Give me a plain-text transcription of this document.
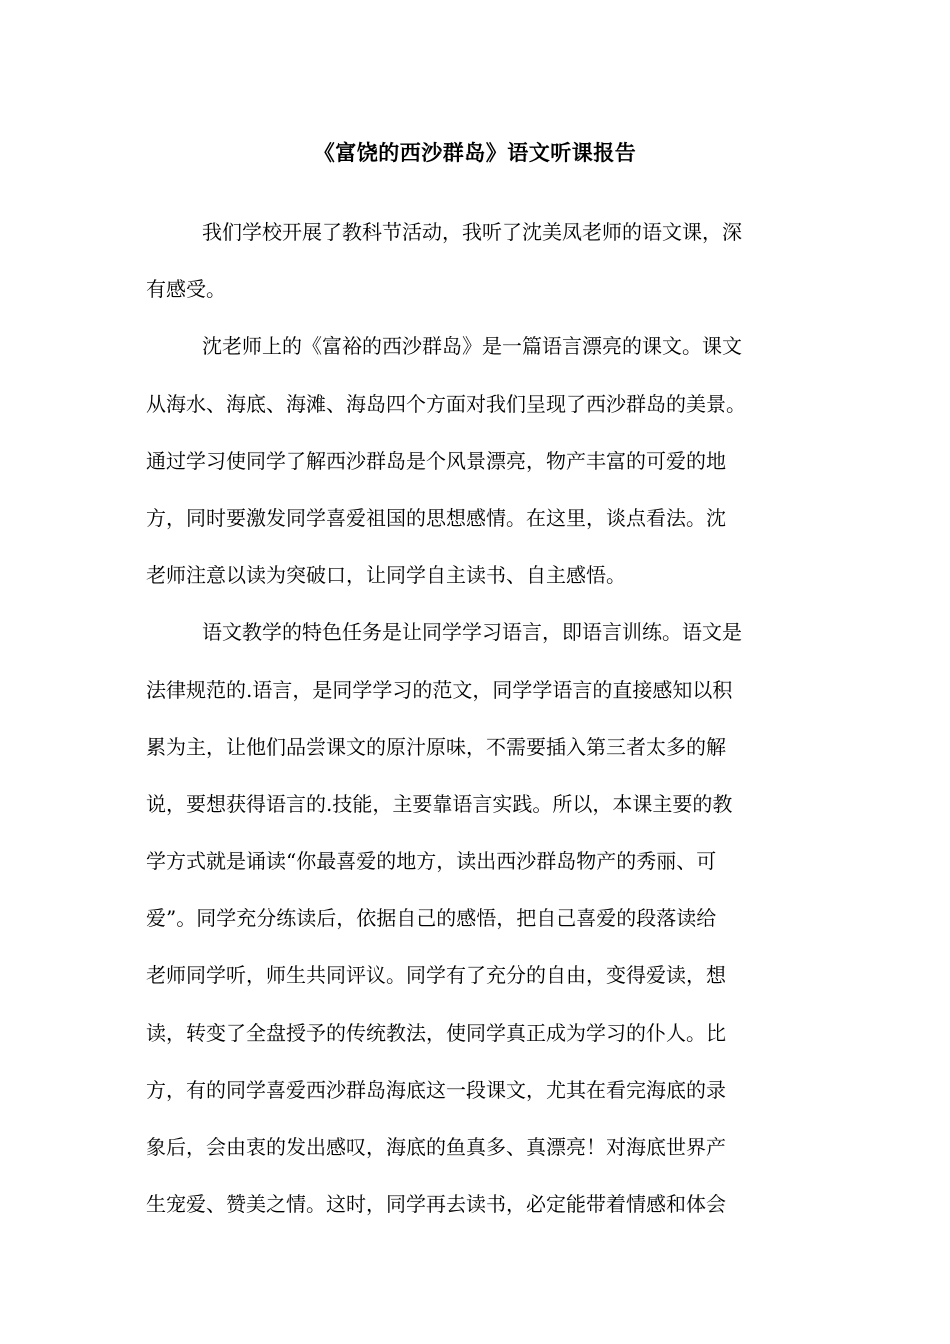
《富饶的西沙群岛》语文听课报告
我们学校开展了教科节活动，我听了沈美凤老师的语文课，深
有感受。
沈老师上的《富裕的西沙群岛》是一篇语言漂亮的课文。课文
从海水、海底、海滩、海岛四个方面对我们呈现了西沙群岛的美景。
通过学习使同学了解西沙群岛是个风景漂亮，物产丰富的可爱的地
方，同时要激发同学喜爱祖国的思想感情。在这里，谈点看法。沈
老师注意以读为突破口，让同学自主读书、自主感悟。
语文教学的特色任务是让同学学习语言，即语言训练。语文是
法律规范的.语言，是同学学习的范文，同学学语言的直接感知以积
累为主，让他们品尝课文的原汁原味，不需要插入第三者太多的解
说，要想获得语言的.技能，主要靠语言实践。所以，本课主要的教
学方式就是诵读“你最喜爱的地方，读出西沙群岛物产的秀丽、可
爱”。同学充分练读后，依据自己的感悟，把自己喜爱的段落读给
老师同学听，师生共同评议。同学有了充分的自由，变得爱读，想
读，转变了全盘授予的传统教法，使同学真正成为学习的仆人。比
方，有的同学喜爱西沙群岛海底这一段课文，尤其在看完海底的录
象后，会由衷的发出感叹，海底的鱼真多、真漂亮！对海底世界产
生宠爱、赞美之情。这时，同学再去读书，必定能带着情感和体会
